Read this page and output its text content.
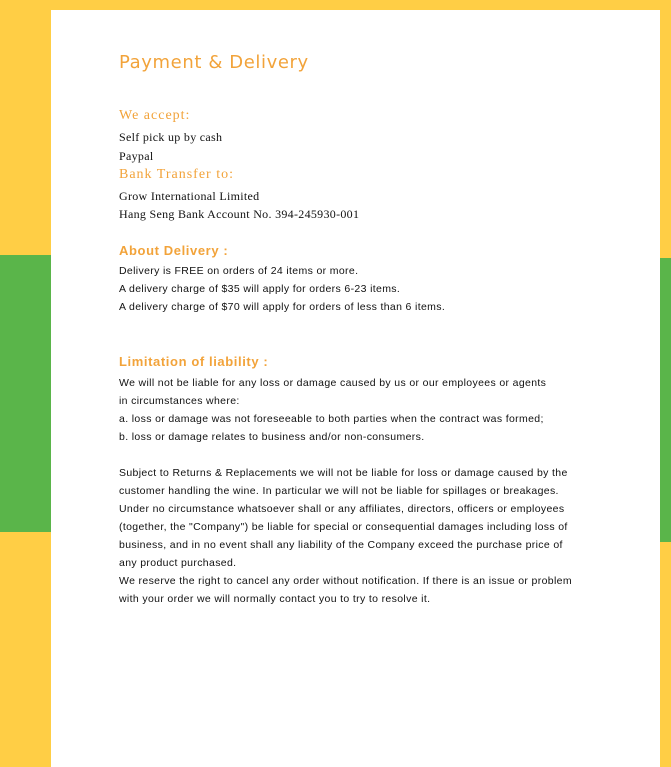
Payment & Delivery
We accept:
Self pick up by cash
Paypal
Bank Transfer to:
Grow International Limited
Hang Seng Bank Account No. 394-245930-001
About Delivery :
Delivery is FREE on orders of 24 items or more.
A delivery charge of $35 will apply for orders 6-23 items.
A delivery charge of $70 will apply for orders of less than 6 items.
Limitation of liability :
We will not be liable for any loss or damage caused by us or our employees or agents
in circumstances where:
a. loss or damage was not foreseeable to both parties when the contract was formed;
b. loss or damage relates to business and/or non-consumers.
Subject to Returns & Replacements we will not be liable for loss or damage caused by the
customer handling the wine. In particular we will not be liable for spillages or breakages.
Under no circumstance whatsoever shall or any affiliates, directors, officers or employees
(together, the "Company") be liable for special or consequential damages including loss of
business, and in no event shall any liability of the Company exceed the purchase price of
any product purchased.
We reserve the right to cancel any order without notification. If there is an issue or problem
with your order we will normally contact you to try to resolve it.
